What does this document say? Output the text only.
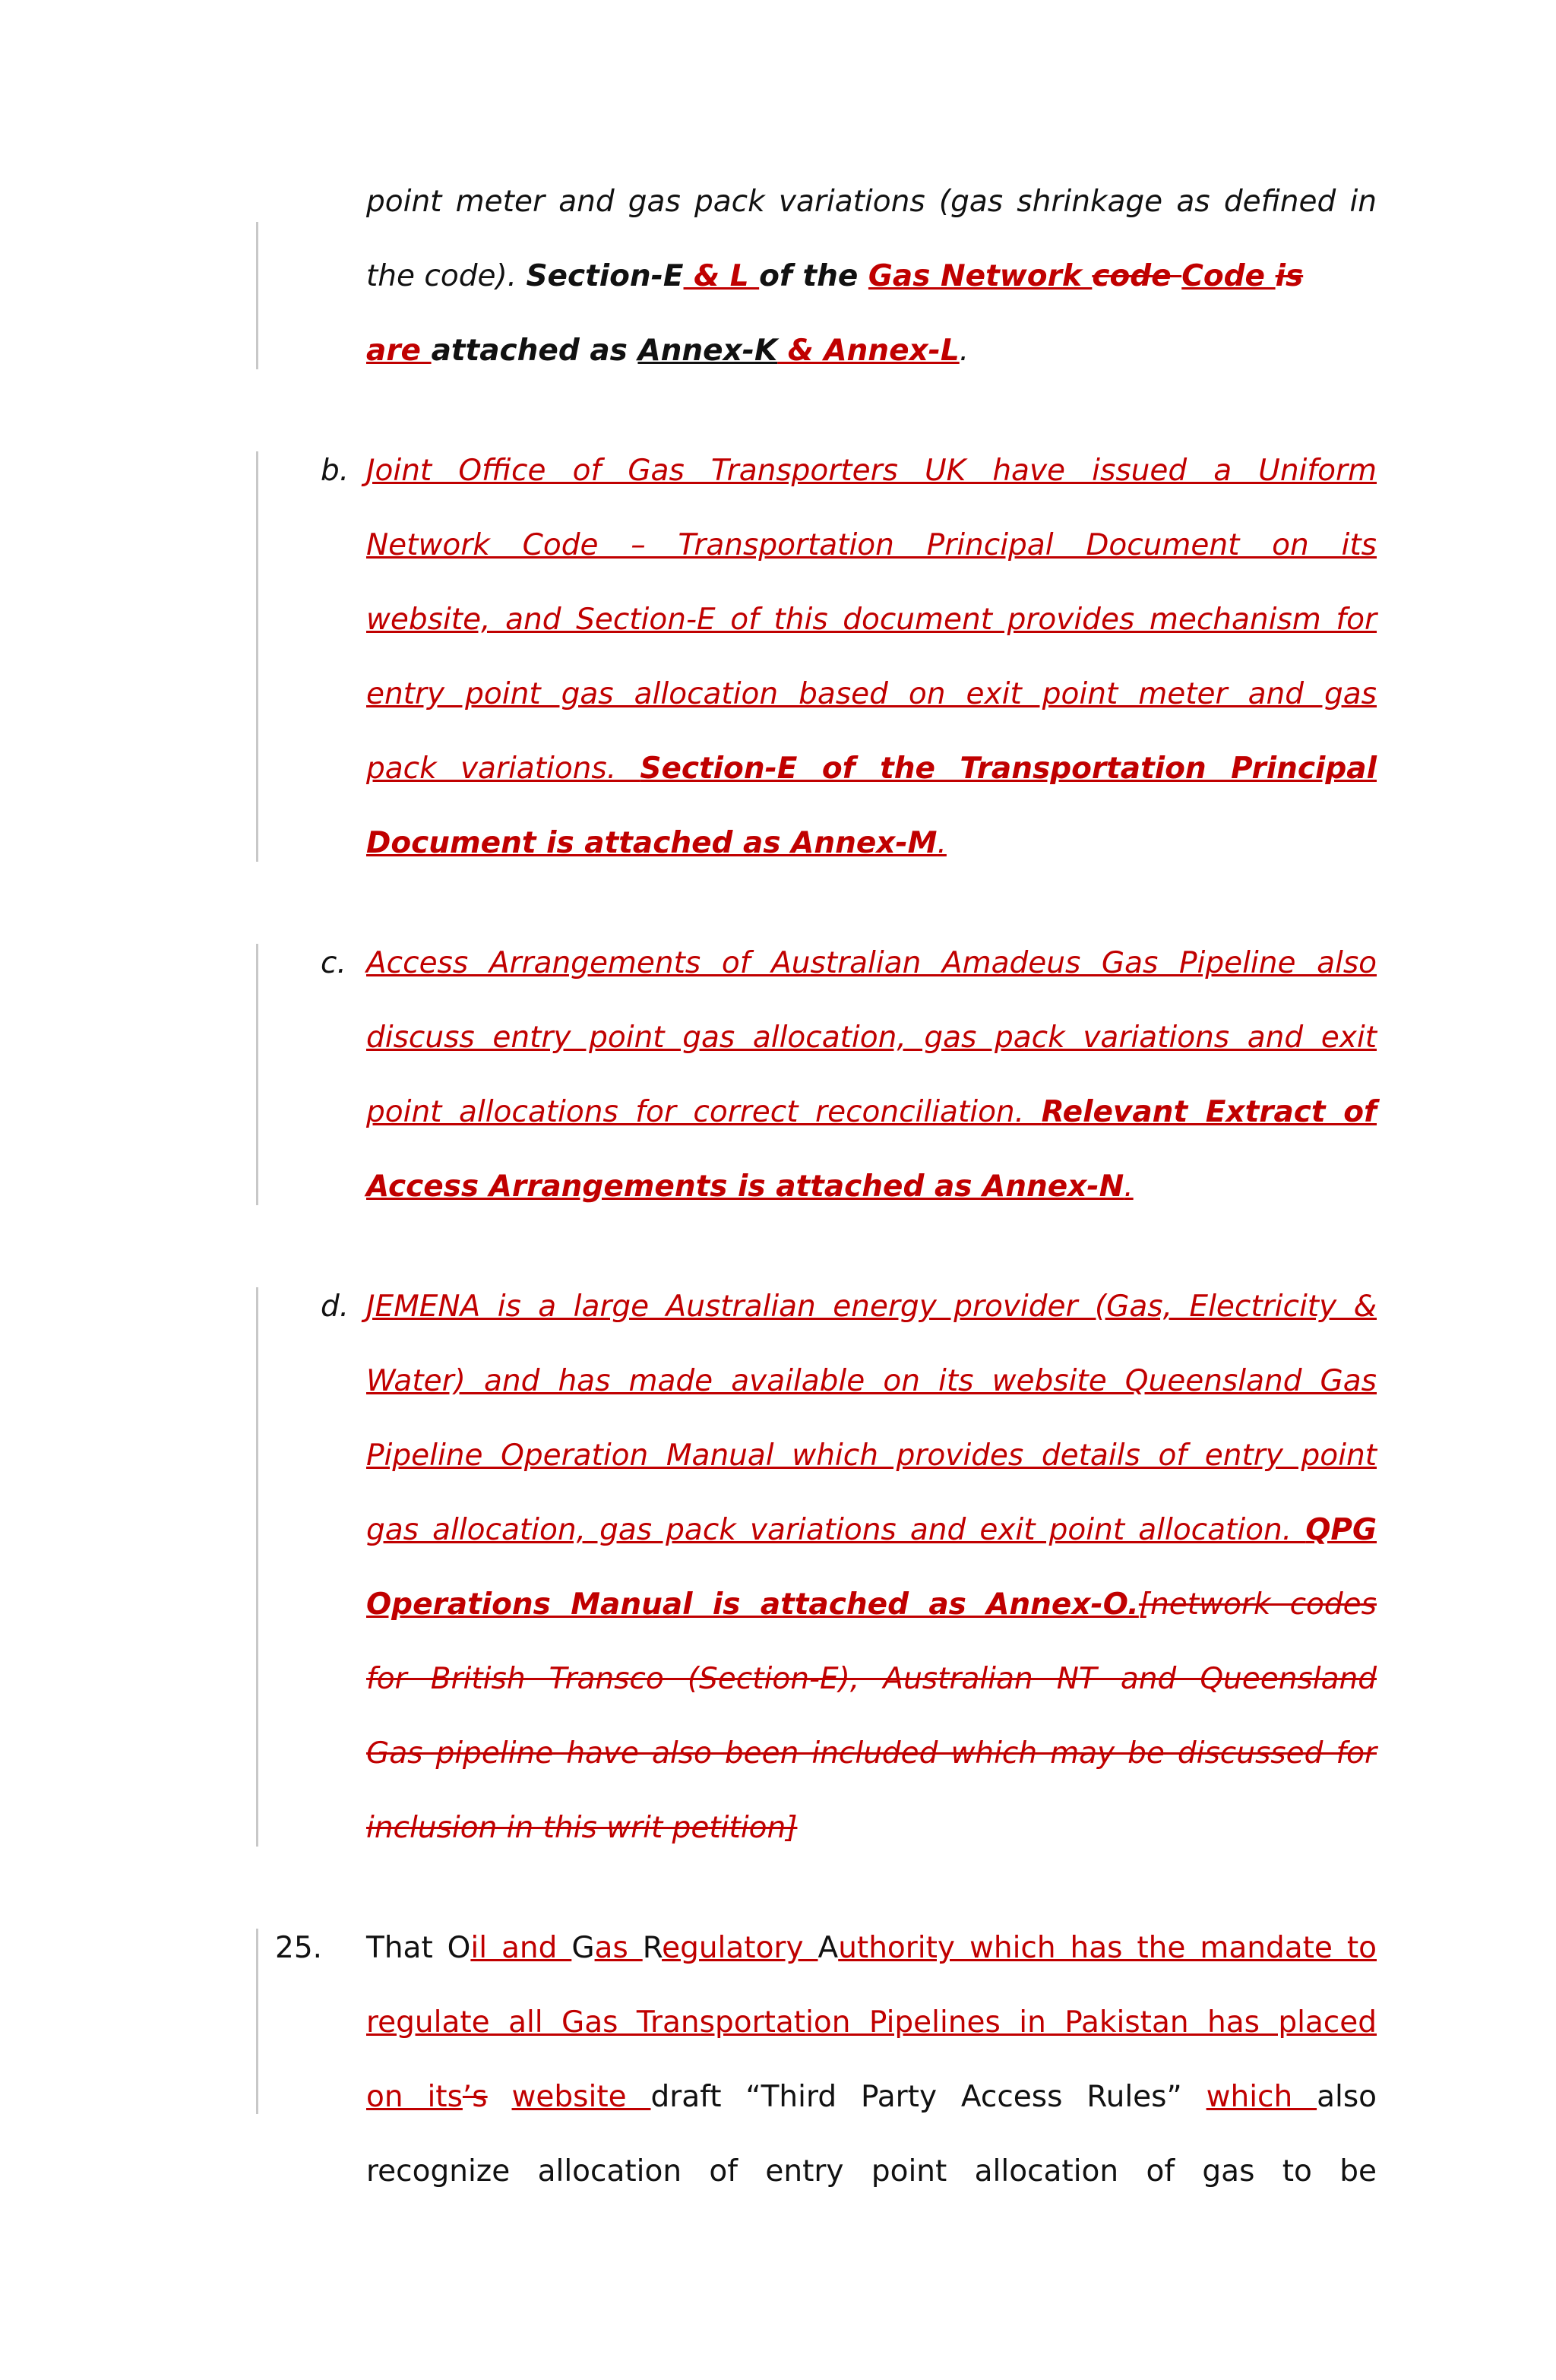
point meter and gas pack variations (gas shrinkage as defined in
the code). Section-E & L of the Gas Network code Code is
are attached as Annex-K & Annex-L.
b. Joint Office of Gas Transporters UK have issued a Uniform
Network Code – Transportation Principal Document on its
website, and Section-E of this document provides mechanism for
entry point gas allocation based on exit point meter and gas
pack variations. Section-E of the Transportation Principal
Document is attached as Annex-M.
c. Access Arrangements of Australian Amadeus Gas Pipeline also
discuss entry point gas allocation, gas pack variations and exit
point allocations for correct reconciliation. Relevant Extract of
Access Arrangements is attached as Annex-N.
d. JEMENA is a large Australian energy provider (Gas, Electricity &
Water) and has made available on its website Queensland Gas
Pipeline Operation Manual which provides details of entry point
gas allocation, gas pack variations and exit point allocation. QPG
Operations Manual is attached as Annex-O.[network codes
for British Transco (Section-E), Australian NT and Queensland
Gas pipeline have also been included which may be discussed for
inclusion in this writ petition]
25. That Oil and Gas Regulatory Authority which has the mandate to
regulate all Gas Transportation Pipelines in Pakistan has placed
on its’s website draft “Third Party Access Rules” which also
recognize allocation of entry point allocation of gas to be
